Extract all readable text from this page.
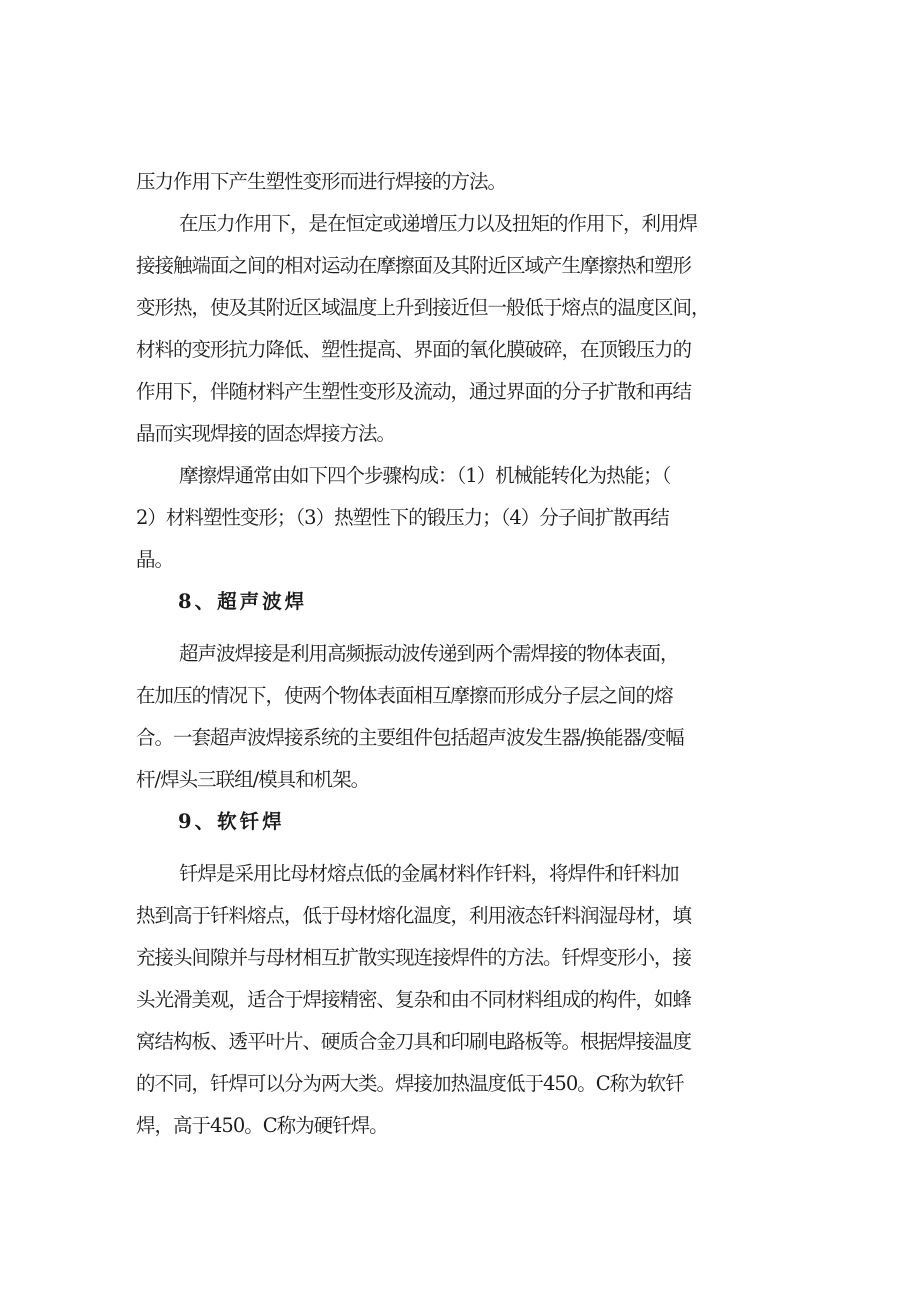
压力作用下产生塑性变形而进行焊接的方法。
在压力作用下，是在恒定或递增压力以及扭矩的作用下，利用焊
接接触端面之间的相对运动在摩擦面及其附近区域产生摩擦热和塑形
变形热，使及其附近区域温度上升到接近但一般低于熔点的温度区间，
材料的变形抗力降低、塑性提高、界面的氧化膜破碎，在顶锻压力的
作用下，伴随材料产生塑性变形及流动，通过界面的分子扩散和再结
晶而实现焊接的固态焊接方法。
摩擦焊通常由如下四个步骤构成：（1）机械能转化为热能；（
2）材料塑性变形；（3）热塑性下的锻压力；（4）分子间扩散再结
晶。
8、超声波焊
超声波焊接是利用高频振动波传递到两个需焊接的物体表面，
在加压的情况下，使两个物体表面相互摩擦而形成分子层之间的熔
合。一套超声波焊接系统的主要组件包括超声波发生器/换能器/变幅
杆/焊头三联组/模具和机架。
9、软钎焊
钎焊是采用比母材熔点低的金属材料作钎料，将焊件和钎料加
热到高于钎料熔点，低于母材熔化温度，利用液态钎料润湿母材，填
充接头间隙并与母材相互扩散实现连接焊件的方法。钎焊变形小，接
头光滑美观，适合于焊接精密、复杂和由不同材料组成的构件，如蜂
窝结构板、透平叶片、硬质合金刀具和印刷电路板等。根据焊接温度
的不同，钎焊可以分为两大类。焊接加热温度低于450。C称为软钎
焊，高于450。C称为硬钎焊。
